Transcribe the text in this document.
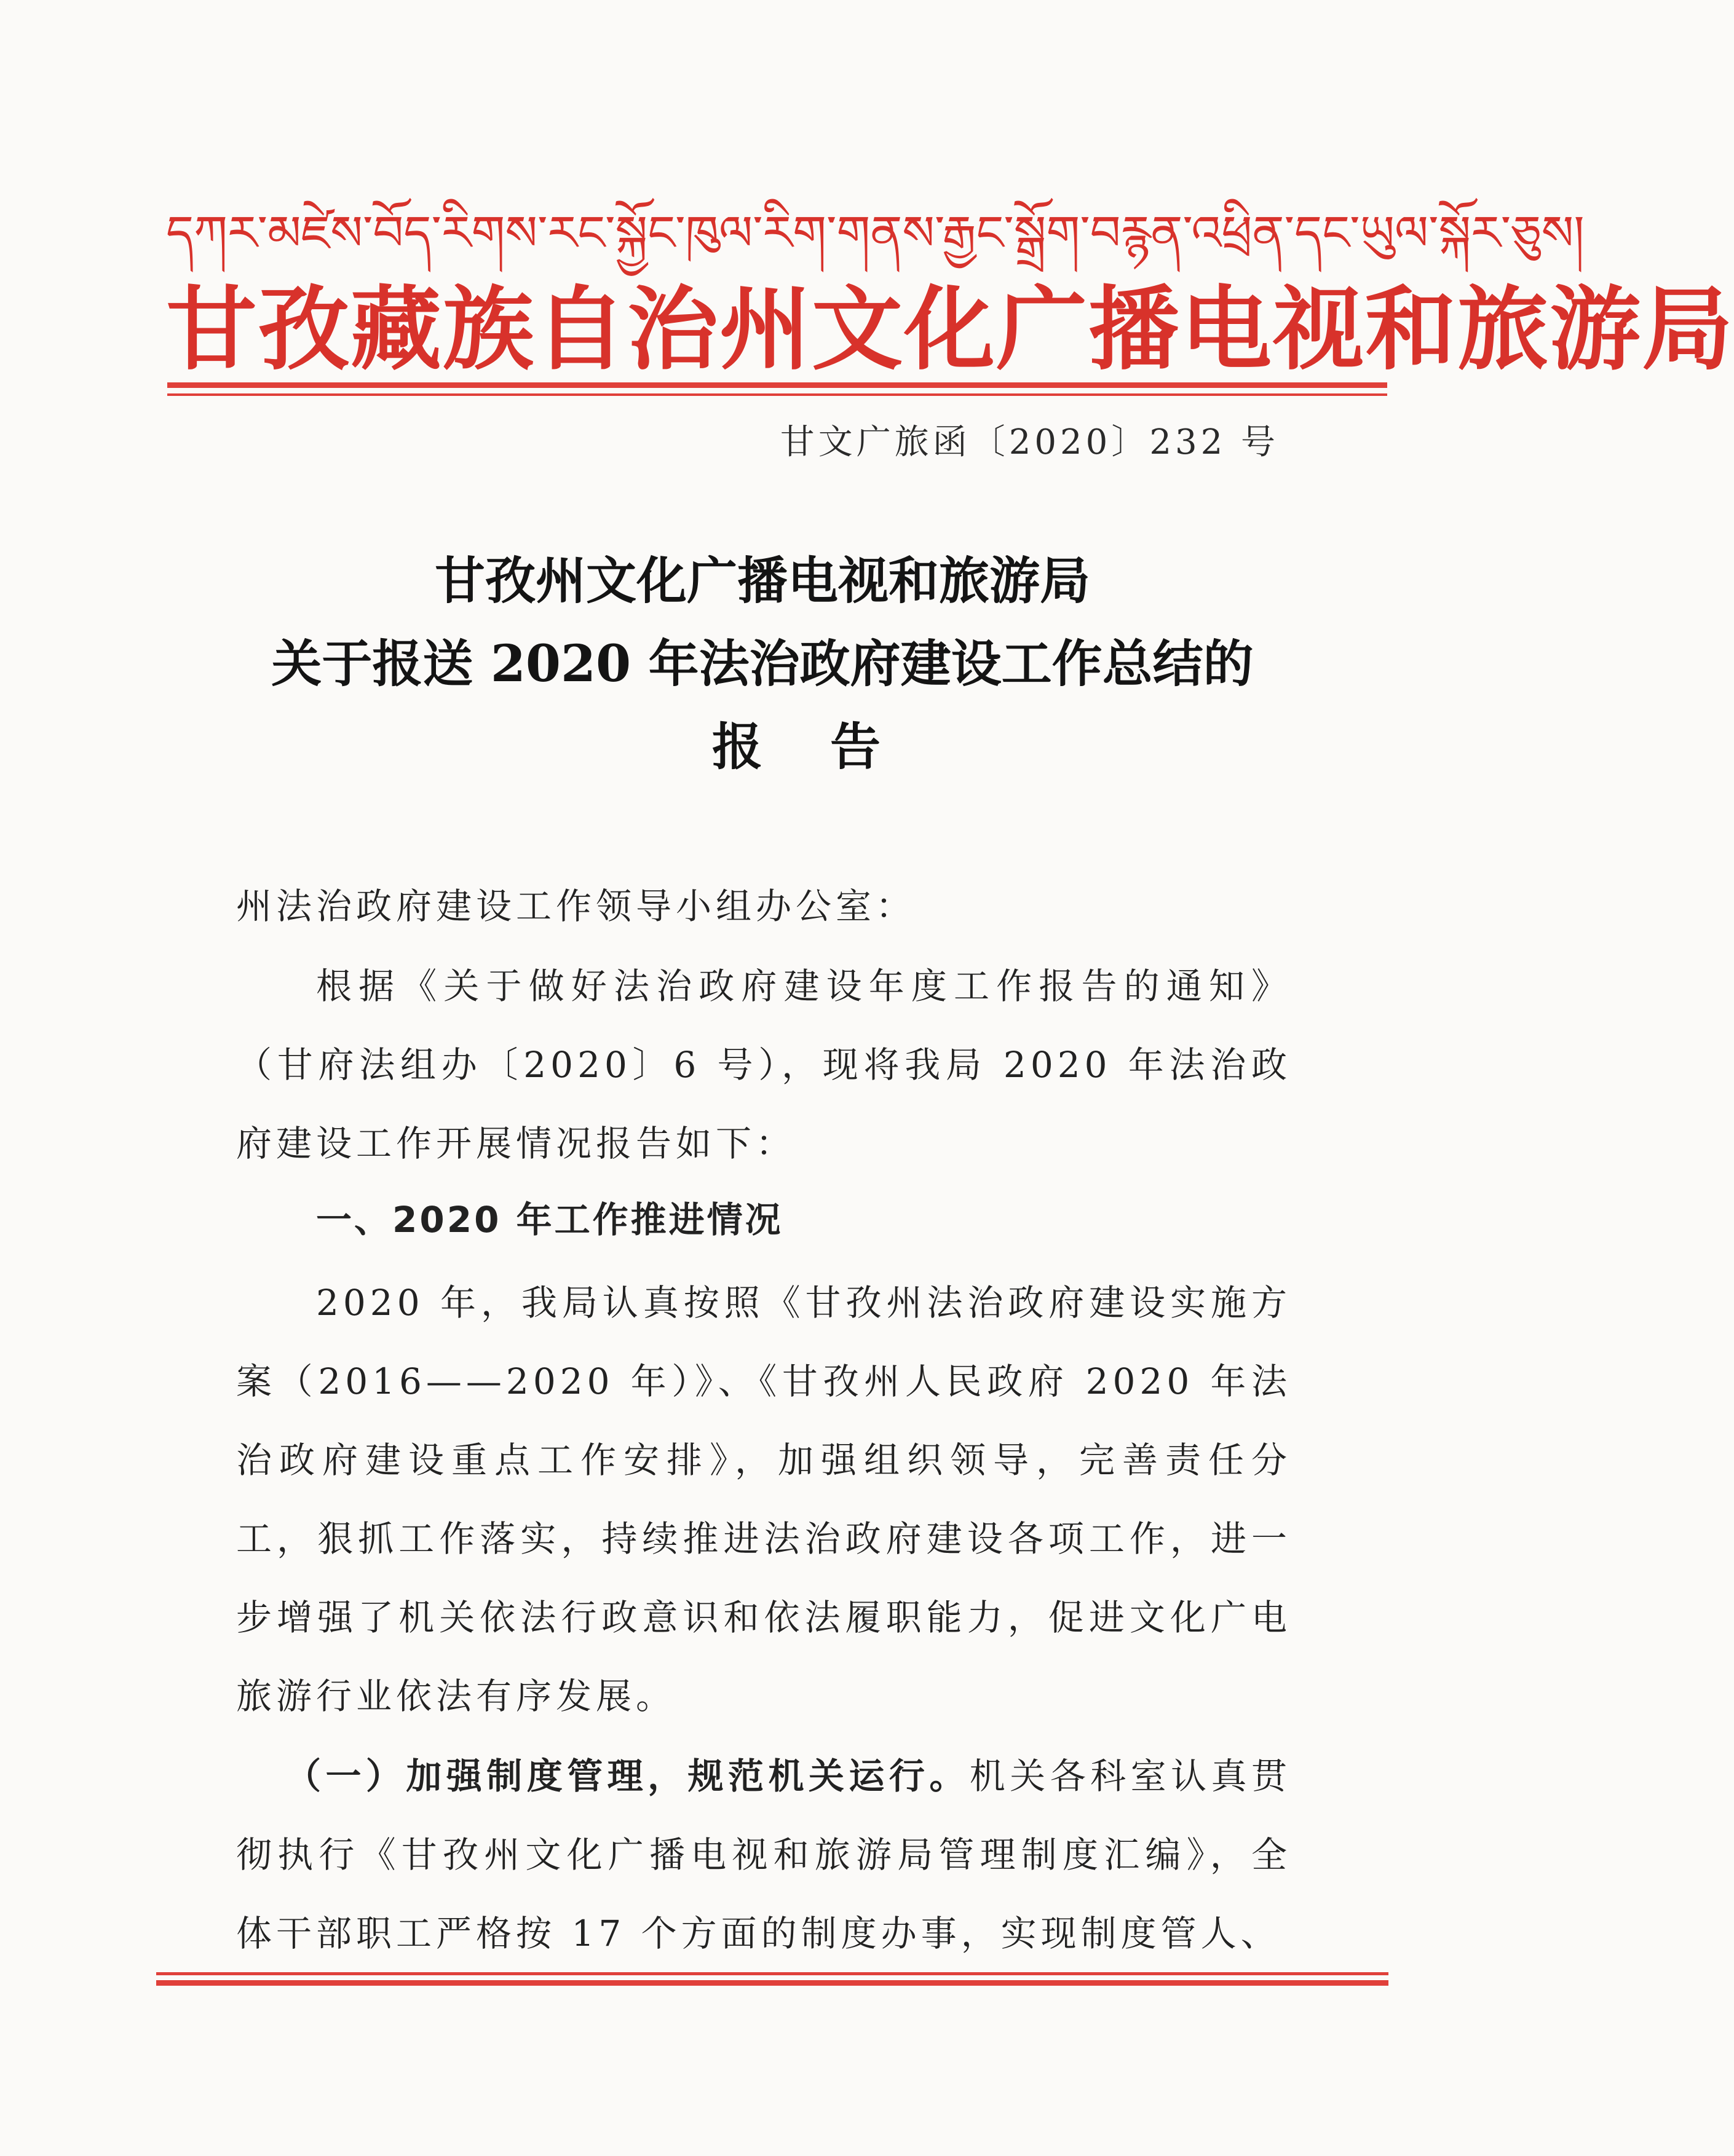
དཀར་མཛེས་བོད་རིགས་རང་སྐྱོང་ཁུལ་རིག་གནས་རྒྱང་སྒྲོག་བརྙན་འཕྲིན་དང་ཡུལ་སྐོར་ཅུས།
甘孜藏族自治州文化广播电视和旅游局
甘文广旅函〔2020〕232 号
甘孜州文化广播电视和旅游局
关于报送 2020 年法治政府建设工作总结的
报告
州法治政府建设工作领导小组办公室：
根据《关于做好法治政府建设年度工作报告的通知》（甘府法组办〔2020〕6 号），现将我局 2020 年法治政府建设工作开展情况报告如下：
一、2020 年工作推进情况
2020 年，我局认真按照《甘孜州法治政府建设实施方案（2016——2020 年）》、《甘孜州人民政府 2020 年法治政府建设重点工作安排》，加强组织领导，完善责任分工，狠抓工作落实，持续推进法治政府建设各项工作，进一步增强了机关依法行政意识和依法履职能力，促进文化广电旅游行业依法有序发展。
（一）加强制度管理，规范机关运行。机关各科室认真贯彻执行《甘孜州文化广播电视和旅游局管理制度汇编》，全体干部职工严格按 17 个方面的制度办事，实现制度管人、
